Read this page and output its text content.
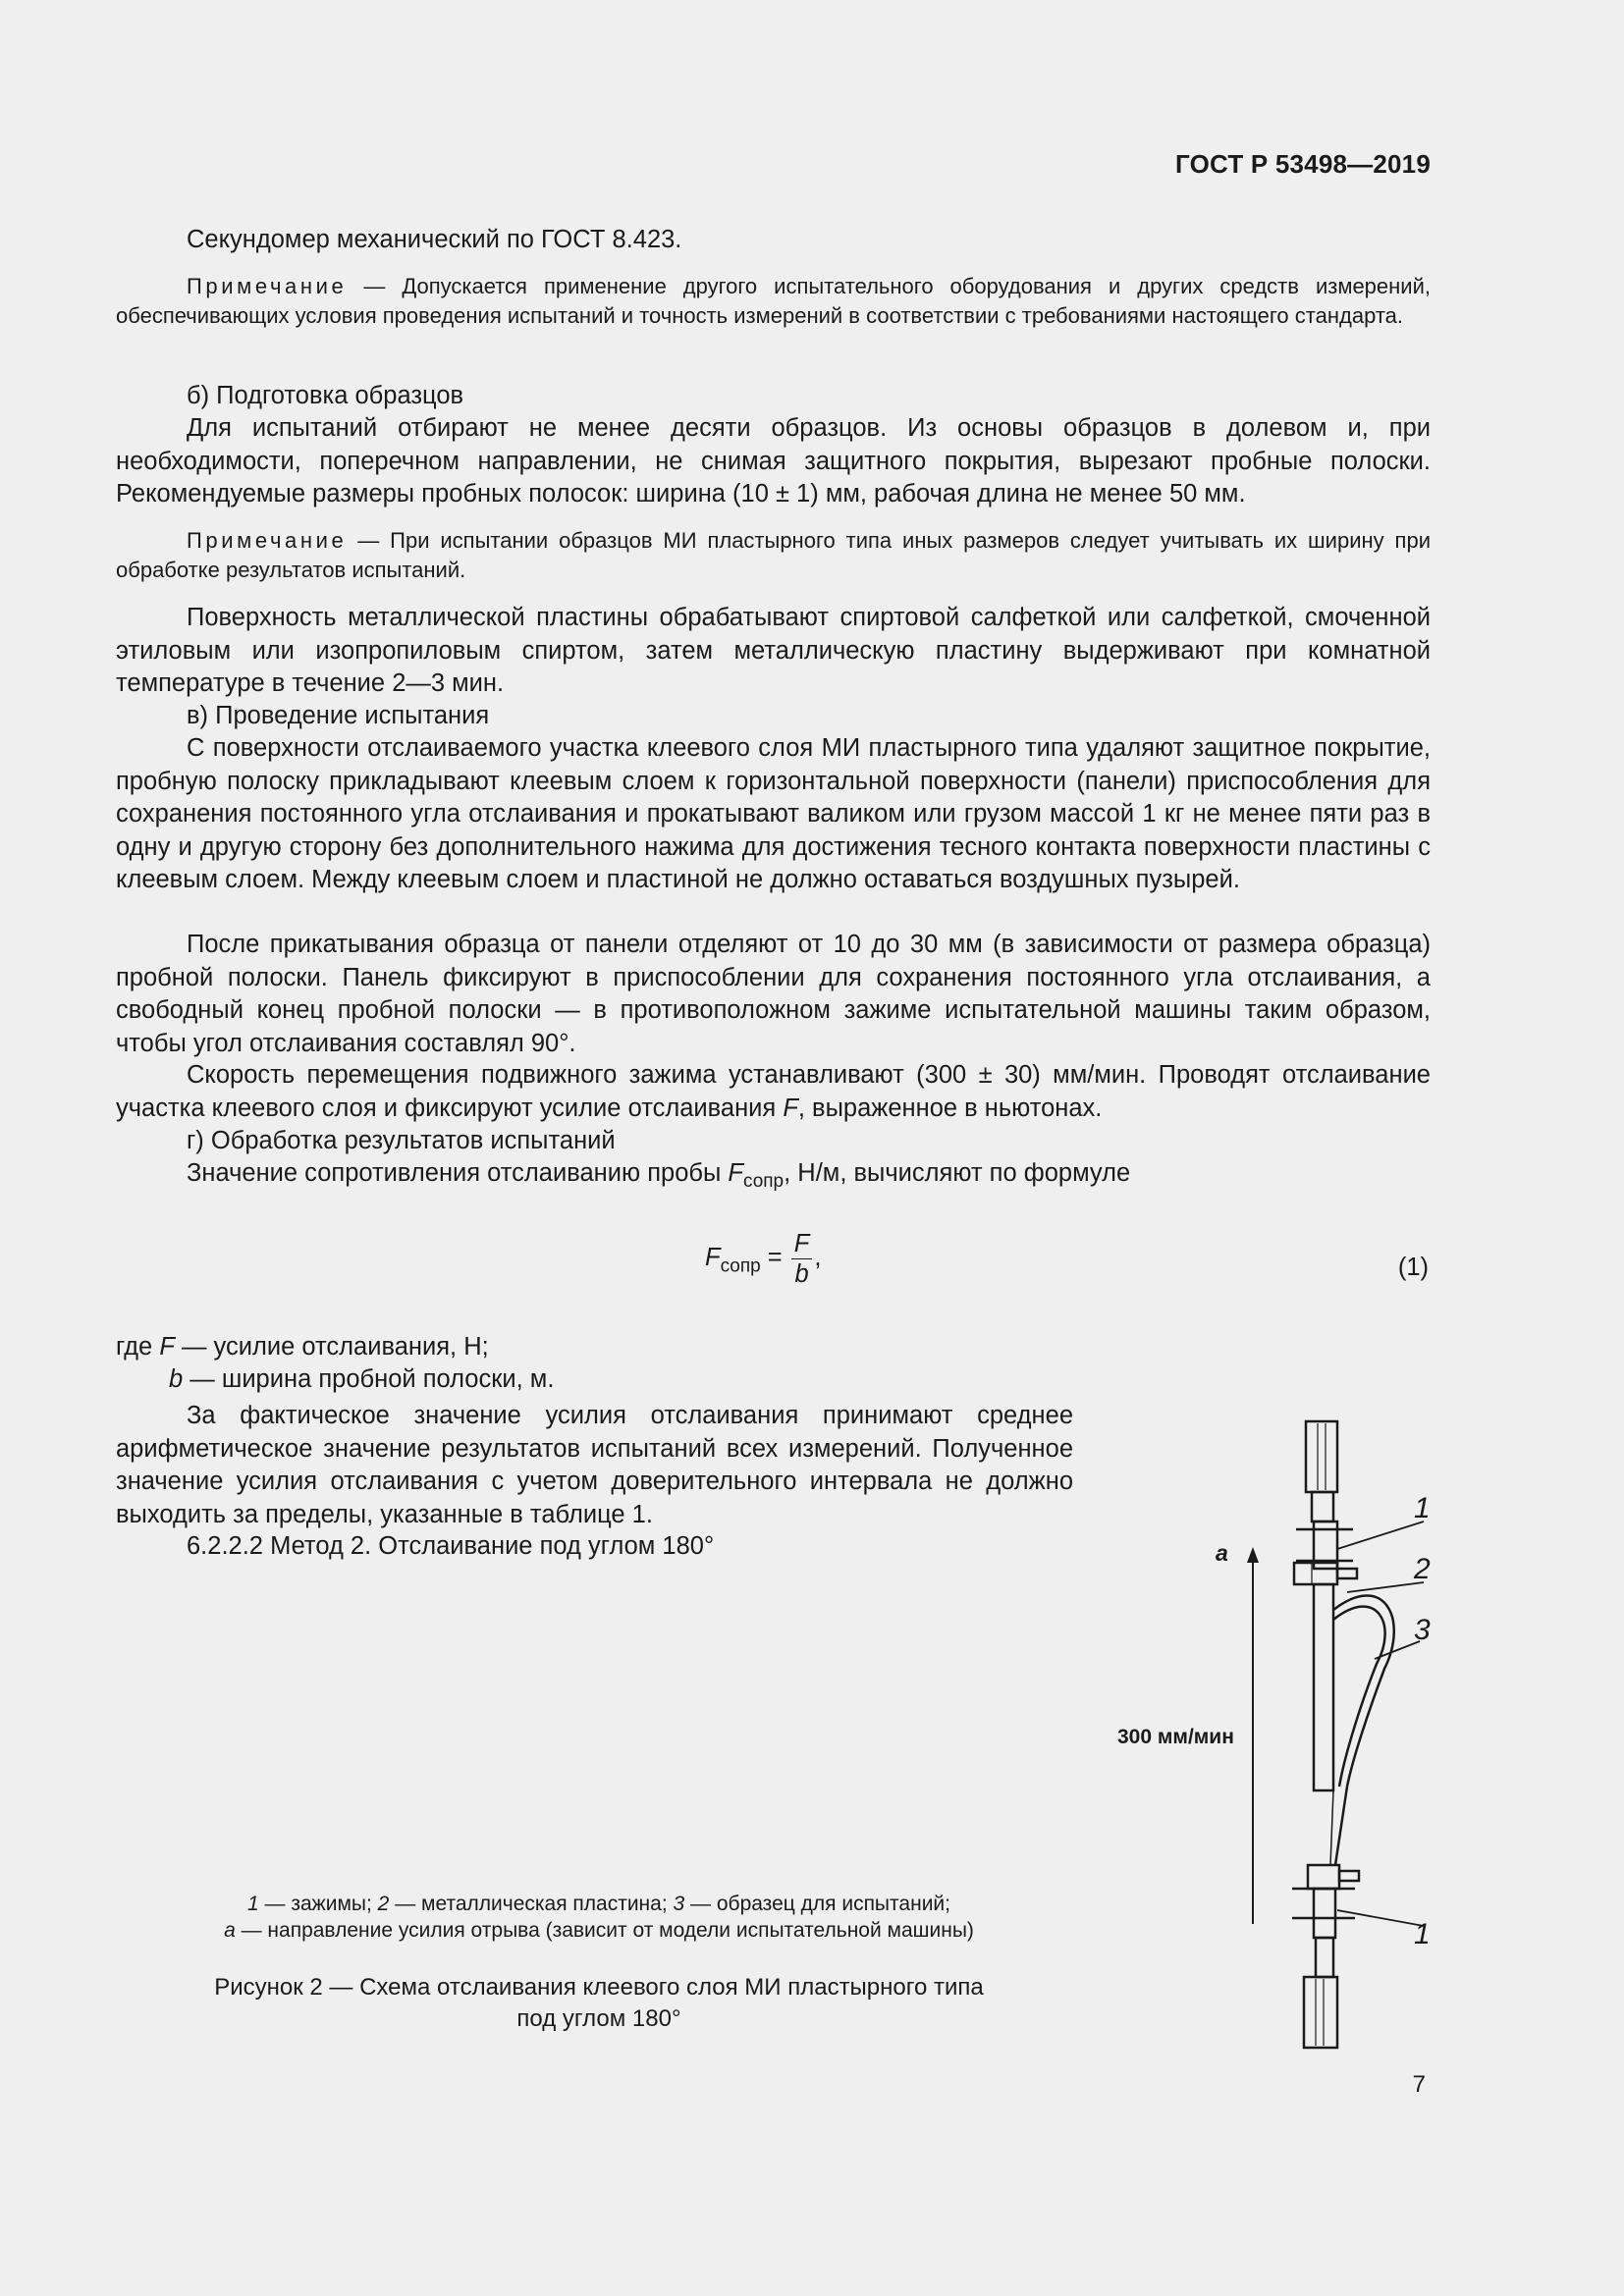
ГОСТ Р 53498—2019
Секундомер механический по ГОСТ 8.423.
Примечание — Допускается применение другого испытательного оборудования и других средств измерений, обеспечивающих условия проведения испытаний и точность измерений в соответствии с требованиями настоящего стандарта.
б) Подготовка образцов
Для испытаний отбирают не менее десяти образцов. Из основы образцов в долевом и, при необходимости, поперечном направлении, не снимая защитного покрытия, вырезают пробные полоски. Рекомендуемые размеры пробных полосок: ширина (10 ± 1) мм, рабочая длина не менее 50 мм.
Примечание — При испытании образцов МИ пластырного типа иных размеров следует учитывать их ширину при обработке результатов испытаний.
Поверхность металлической пластины обрабатывают спиртовой салфеткой или салфеткой, смоченной этиловым или изопропиловым спиртом, затем металлическую пластину выдерживают при комнатной температуре в течение 2—3 мин.
в) Проведение испытания
С поверхности отслаиваемого участка клеевого слоя МИ пластырного типа удаляют защитное покрытие, пробную полоску прикладывают клеевым слоем к горизонтальной поверхности (панели) приспособления для сохранения постоянного угла отслаивания и прокатывают валиком или грузом массой 1 кг не менее пяти раз в одну и другую сторону без дополнительного нажима для достижения тесного контакта поверхности пластины с клеевым слоем. Между клеевым слоем и пластиной не должно оставаться воздушных пузырей.
После прикатывания образца от панели отделяют от 10 до 30 мм (в зависимости от размера образца) пробной полоски. Панель фиксируют в приспособлении для сохранения постоянного угла отслаивания, а свободный конец пробной полоски — в противоположном зажиме испытательной машины таким образом, чтобы угол отслаивания составлял 90°.
Скорость перемещения подвижного зажима устанавливают (300 ± 30) мм/мин. Проводят отслаивание участка клеевого слоя и фиксируют усилие отслаивания F, выраженное в ньютонах.
г) Обработка результатов испытаний
Значение сопротивления отслаиванию пробы $F_{сопр}$, Н/м, вычисляют по формуле
$F_{сопр} = \frac{F}{b}$ ,	(1)
где F — усилие отслаивания, Н;
b — ширина пробной полоски, м.
За фактическое значение усилия отслаивания принимают среднее арифметическое значение результатов испытаний всех измерений. Полученное значение усилия отслаивания с учетом доверительного интервала не должно выходить за пределы, указанные в таблице 1.
6.2.2.2 Метод 2. Отслаивание под углом 180°	a
300 мм/мин
1
2
3
1
1 — зажимы; 2 — металлическая пластина; 3 — образец для испытаний;
а — направление усилия отрыва (зависит от модели испытательной машины)
Рисунок 2 — Схема отслаивания клеевого слоя МИ пластырного типа
под углом 180°
7
